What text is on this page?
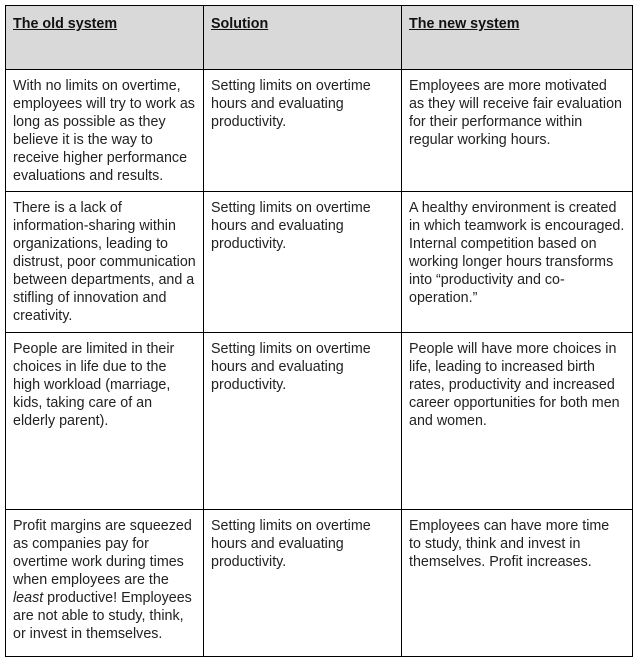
The old system	Solution	The new system
With no limits on overtime, employees will try to work as long as possible as they believe it is the way to receive higher performance evaluations and results.	Setting limits on overtime hours and evaluating productivity.	Employees are more motivated as they will receive fair evaluation for their performance within regular working hours.
There is a lack of information-sharing within organizations, leading to distrust, poor communication between departments, and a stifling of innovation and creativity.	Setting limits on overtime hours and evaluating productivity.	A healthy environment is created in which teamwork is encouraged. Internal competition based on working longer hours transforms into “productivity and co-operation.”
People are limited in their choices in life due to the high workload (marriage, kids, taking care of an elderly parent).	Setting limits on overtime hours and evaluating productivity.	People will have more choices in life, leading to increased birth rates, productivity and increased career opportunities for both men and women.
Profit margins are squeezed as companies pay for overtime work during times when employees are the least productive! Employees are not able to study, think, or invest in themselves.	Setting limits on overtime hours and evaluating productivity.	Employees can have more time to study, think and invest in themselves. Profit increases.
